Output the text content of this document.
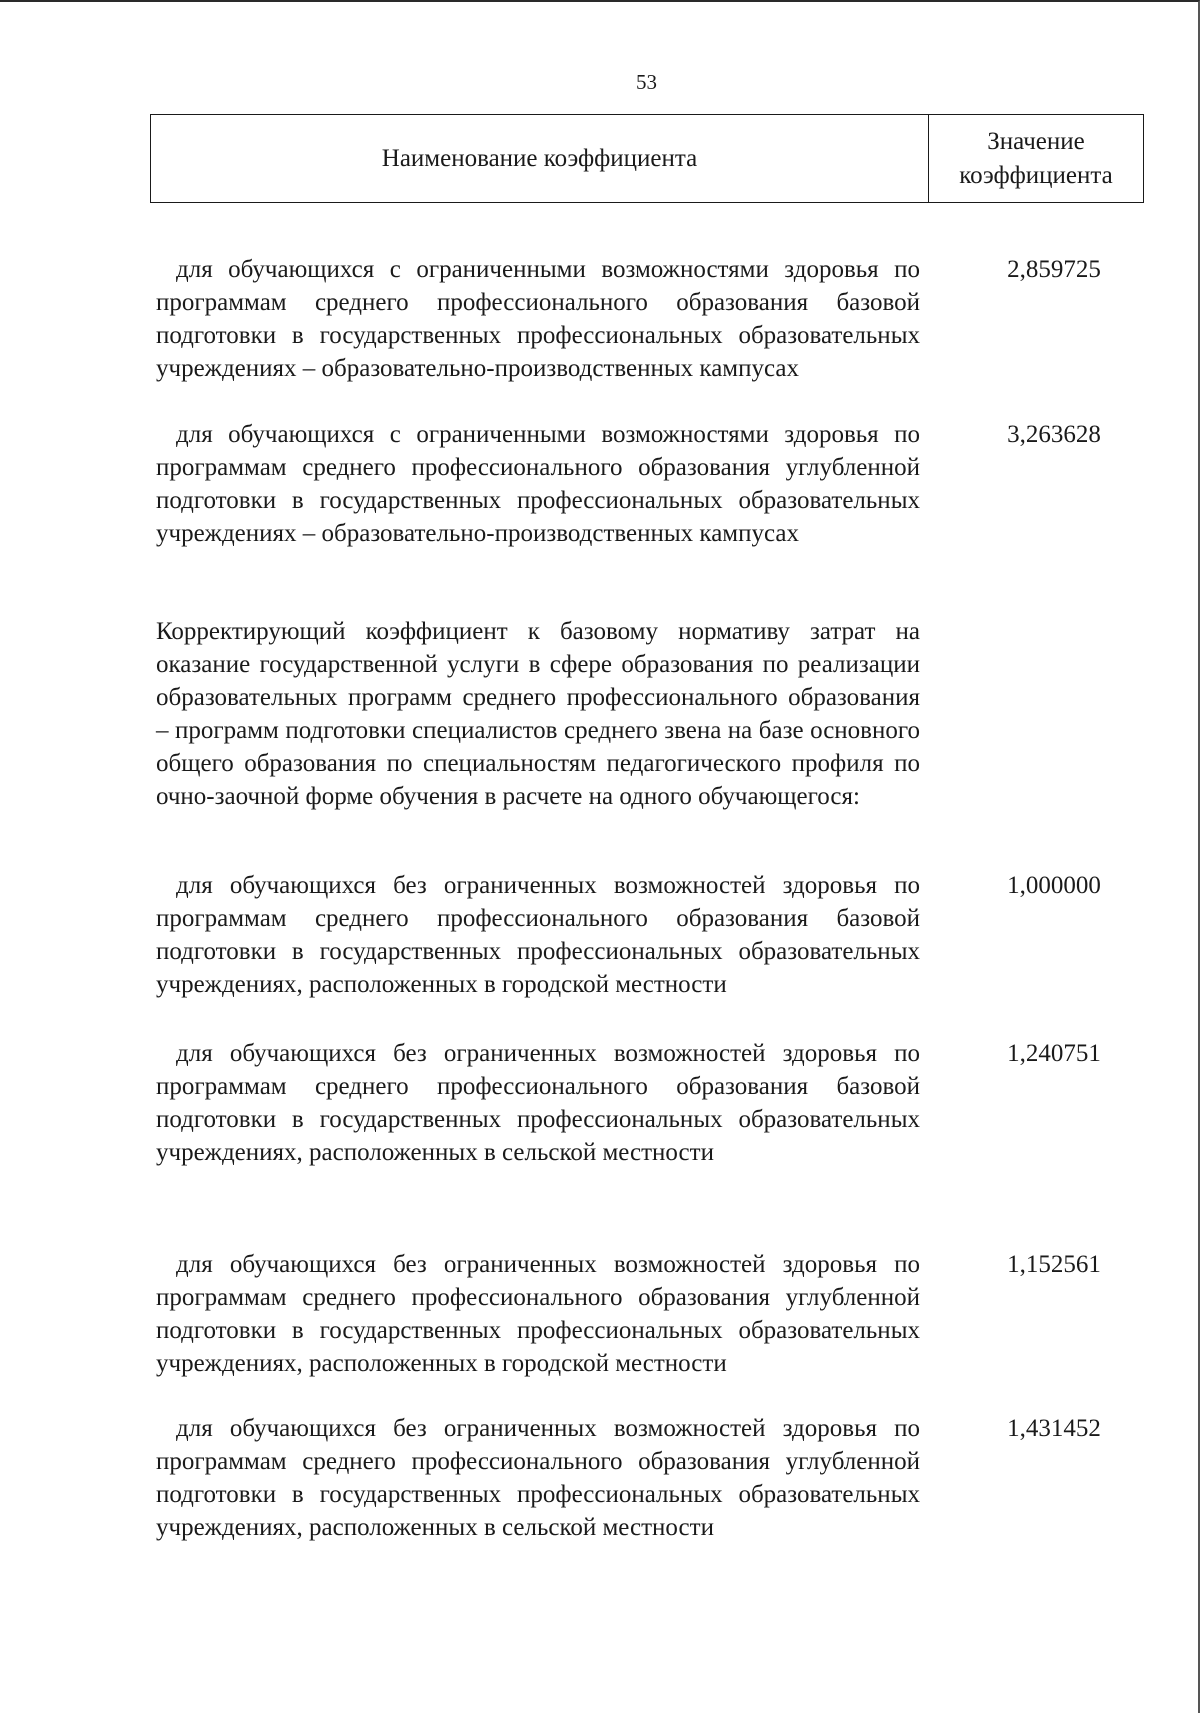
53
Наименование коэффициента
Значение
коэффициента
для обучающихся с ограниченными возможностями здоровья по программам среднего профессионального образования базовой подготовки в государственных профессиональных образовательных учреждениях – образовательно-производственных кампусах
2,859725
для обучающихся с ограниченными возможностями здоровья по программам среднего профессионального образования углубленной подготовки в государственных профессиональных образовательных учреждениях – образовательно-производственных кампусах
3,263628
Корректирующий коэффициент к базовому нормативу затрат на оказание государственной услуги в сфере образования по реализации образовательных программ среднего профессионального образования – программ подготовки специалистов среднего звена на базе основного общего образования по специальностям педагогического профиля по очно-заочной форме обучения в расчете на одного обучающегося:
для обучающихся без ограниченных возможностей здоровья по программам среднего профессионального образования базовой подготовки в государственных профессиональных образовательных учреждениях, расположенных в городской местности
1,000000
для обучающихся без ограниченных возможностей здоровья по программам среднего профессионального образования базовой подготовки в государственных профессиональных образовательных учреждениях, расположенных в сельской местности
1,240751
для обучающихся без ограниченных возможностей здоровья по программам среднего профессионального образования углубленной подготовки в государственных профессиональных образовательных учреждениях, расположенных в городской местности
1,152561
для обучающихся без ограниченных возможностей здоровья по программам среднего профессионального образования углубленной подготовки в государственных профессиональных образовательных учреждениях, расположенных в сельской местности
1,431452
